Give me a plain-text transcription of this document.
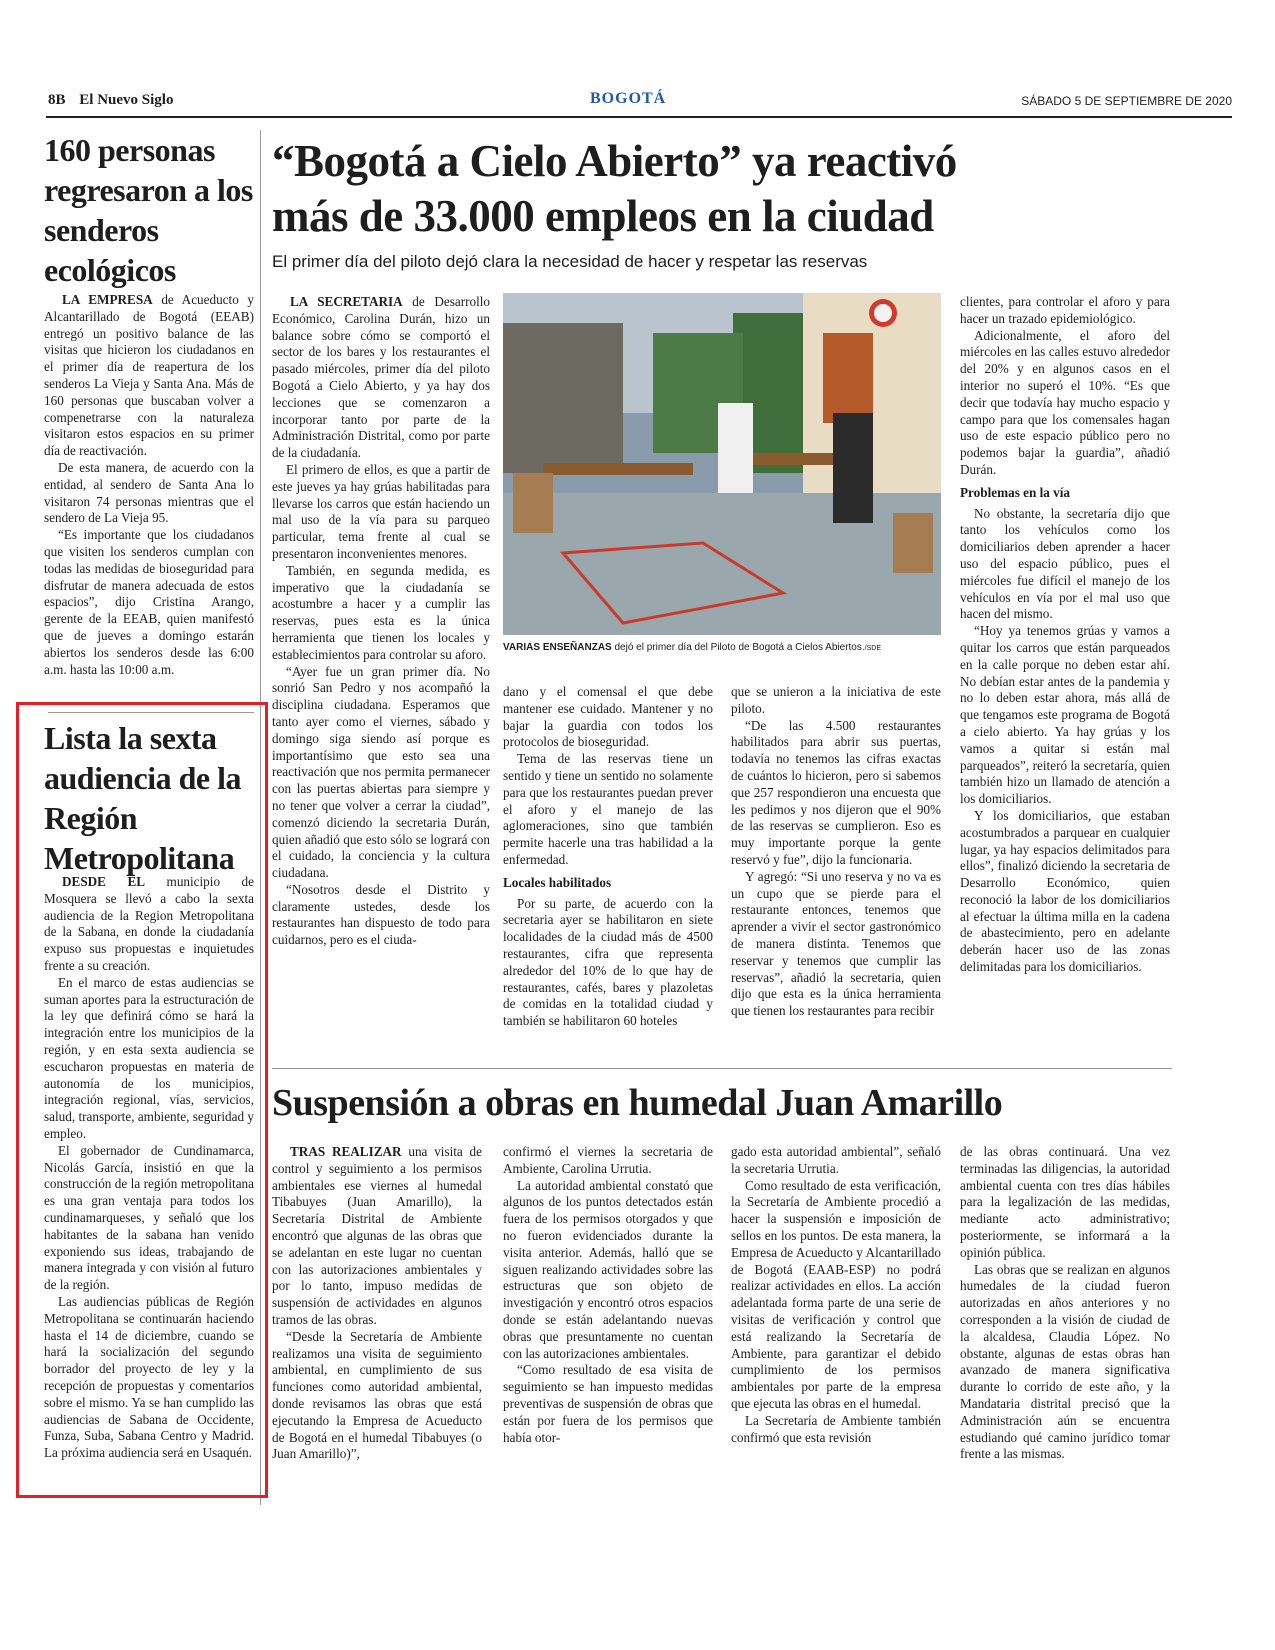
8B El Nuevo Siglo	BOGOTÁ	SÁBADO 5 DE SEPTIEMBRE DE 2020
160 personas regresaron a los senderos ecológicos

LA EMPRESA de Acueducto y Alcantarillado de Bogotá (EEAB) entregó un positivo balance de las visitas que hicieron los ciudadanos en el primer día de reapertura de los senderos La Vieja y Santa Ana. Más de 160 personas que buscaban volver a compenetrarse con la naturaleza visitaron estos espacios en su primer día de reactivación.

De esta manera, de acuerdo con la entidad, al sendero de Santa Ana lo visitaron 74 personas mientras que el sendero de La Vieja 95.

“Es importante que los ciudadanos que visiten los senderos cumplan con todas las medidas de bioseguridad para disfrutar de manera adecuada de estos espacios”, dijo Cristina Arango, gerente de la EEAB, quien manifestó que de jueves a domingo estarán abiertos los senderos desde las 6:00 a.m. hasta las 10:00 a.m.

Lista la sexta audiencia de la Región Metropolitana

DESDE EL municipio de Mosquera se llevó a cabo la sexta audiencia de la Region Metropolitana de la Sabana, en donde la ciudadanía expuso sus propuestas e inquietudes frente a su creación.

En el marco de estas audiencias se suman aportes para la estructuración de la ley que definirá cómo se hará la integración entre los municipios de la región, y en esta sexta audiencia se escucharon propuestas en materia de autonomía de los municipios, integración regional, vías, servicios, salud, transporte, ambiente, seguridad y empleo.

El gobernador de Cundinamarca, Nicolás García, insistió en que la construcción de la región metropolitana es una gran ventaja para todos los cundinamarqueses, y señaló que los habitantes de la sabana han venido exponiendo sus ideas, trabajando de manera integrada y con visión al futuro de la región.

Las audiencias públicas de Región Metropolitana se continuarán haciendo hasta el 14 de diciembre, cuando se hará la socialización del segundo borrador del proyecto de ley y la recepción de propuestas y comentarios sobre el mismo. Ya se han cumplido las audiencias de Sabana de Occidente, Funza, Suba, Sabana Centro y Madrid. La próxima audiencia será en Usaquén.

“Bogotá a Cielo Abierto” ya reactivó
más de 33.000 empleos en la ciudad
El primer día del piloto dejó clara la necesidad de hacer y respetar las reservas

LA SECRETARIA de Desarrollo Económico, Carolina Durán, hizo un balance sobre cómo se comportó el sector de los bares y los restaurantes el pasado miércoles, primer día del piloto Bogotá a Cielo Abierto, y ya hay dos lecciones que se comenzaron a incorporar tanto por parte de la Administración Distrital, como por parte de la ciudadanía.

El primero de ellos, es que a partir de este jueves ya hay grúas habilitadas para llevarse los carros que están haciendo un mal uso de la vía para su parqueo particular, tema frente al cual se presentaron inconvenientes menores.

También, en segunda medida, es imperativo que la ciudadanía se acostumbre a hacer y a cumplir las reservas, pues esta es la única herramienta que tienen los locales y establecimientos para controlar su aforo.

“Ayer fue un gran primer día. No sonrió San Pedro y nos acompañó la disciplina ciudadana. Esperamos que tanto ayer como el viernes, sábado y domingo siga siendo así porque es importantísimo que esto sea una reactivación que nos permita permanecer con las puertas abiertas para siempre y no tener que volver a cerrar la ciudad”, comenzó diciendo la secretaria Durán, quien añadió que esto sólo se logrará con el cuidado, la conciencia y la cultura ciudadana.

“Nosotros desde el Distrito y claramente ustedes, desde los restaurantes han dispuesto de todo para cuidarnos, pero es el ciuda-

VARIAS ENSEÑANZAS dejó el primer día del Piloto de Bogotá a Cielos Abiertos./SDE

dano y el comensal el que debe mantener ese cuidado. Mantener y no bajar la guardia con todos los protocolos de bioseguridad.

Tema de las reservas tiene un sentido y tiene un sentido no solamente para que los restaurantes puedan prever el aforo y el manejo de las aglomeraciones, sino que también permite hacerle una tras habilidad a la enfermedad.

Locales habilitados

Por su parte, de acuerdo con la secretaria ayer se habilitaron en siete localidades de la ciudad más de 4500 restaurantes, cifra que representa alrededor del 10% de lo que hay de restaurantes, cafés, bares y plazoletas de comidas en la totalidad ciudad y también se habilitaron 60 hoteles

que se unieron a la iniciativa de este piloto.

“De las 4.500 restaurantes habilitados para abrir sus puertas, todavía no tenemos las cifras exactas de cuántos lo hicieron, pero si sabemos que 257 respondieron una encuesta que les pedimos y nos dijeron que el 90% de las reservas se cumplieron. Eso es muy importante porque la gente reservó y fue”, dijo la funcionaria.

Y agregó: “Si uno reserva y no va es un cupo que se pierde para el restaurante entonces, tenemos que aprender a vivir el sector gastronómico de manera distinta. Tenemos que reservar y tenemos que cumplir las reservas”, añadió la secretaria, quien dijo que esta es la única herramienta que tienen los restaurantes para recibir

clientes, para controlar el aforo y para hacer un trazado epidemiológico.

Adicionalmente, el aforo del miércoles en las calles estuvo alrededor del 20% y en algunos casos en el interior no superó el 10%. “Es que decir que todavía hay mucho espacio y campo para que los comensales hagan uso de este espacio público pero no podemos bajar la guardia”, añadió Durán.

Problemas en la vía

No obstante, la secretaría dijo que tanto los vehículos como los domiciliarios deben aprender a hacer uso del espacio público, pues el miércoles fue difícil el manejo de los vehículos en vía por el mal uso que hacen del mismo.

“Hoy ya tenemos grúas y vamos a quitar los carros que están parqueados en la calle porque no deben estar ahí. No debían estar antes de la pandemia y no lo deben estar ahora, más allá de que tengamos este programa de Bogotá a cielo abierto. Ya hay grúas y los vamos a quitar si están mal parqueados”, reiteró la secretaría, quien también hizo un llamado de atención a los domiciliarios.

Y los domiciliarios, que estaban acostumbrados a parquear en cualquier lugar, ya hay espacios delimitados para ellos”, finalizó diciendo la secretaria de Desarrollo Económico, quien reconoció la labor de los domiciliarios al efectuar la última milla en la cadena de abastecimiento, pero en adelante deberán hacer uso de las zonas delimitadas para los domiciliarios.

Suspensión a obras en humedal Juan Amarillo

TRAS REALIZAR una visita de control y seguimiento a los permisos ambientales ese viernes al humedal Tibabuyes (Juan Amarillo), la Secretaría Distrital de Ambiente encontró que algunas de las obras que se adelantan en este lugar no cuentan con las autorizaciones ambientales y por lo tanto, impuso medidas de suspensión de actividades en algunos tramos de las obras.

“Desde la Secretaría de Ambiente realizamos una visita de seguimiento ambiental, en cumplimiento de sus funciones como autoridad ambiental, donde revisamos las obras que está ejecutando la Empresa de Acueducto de Bogotá en el humedal Tibabuyes (o Juan Amarillo)”,

confirmó el viernes la secretaria de Ambiente, Carolina Urrutia.

La autoridad ambiental constató que algunos de los puntos detectados están fuera de los permisos otorgados y que no fueron evidenciados durante la visita anterior. Además, halló que se siguen realizando actividades sobre las estructuras que son objeto de investigación y encontró otros espacios donde se están adelantando nuevas obras que presuntamente no cuentan con las autorizaciones ambientales.

“Como resultado de esa visita de seguimiento se han impuesto medidas preventivas de suspensión de obras que están por fuera de los permisos que había otor-

gado esta autoridad ambiental”, señaló la secretaria Urrutia.

Como resultado de esta verificación, la Secretaría de Ambiente procedió a hacer la suspensión e imposición de sellos en los puntos. De esta manera, la Empresa de Acueducto y Alcantarillado de Bogotá (EAAB-ESP) no podrá realizar actividades en ellos. La acción adelantada forma parte de una serie de visitas de verificación y control que está realizando la Secretaría de Ambiente, para garantizar el debido cumplimiento de los permisos ambientales por parte de la empresa que ejecuta las obras en el humedal.

La Secretaría de Ambiente también confirmó que esta revisión

de las obras continuará. Una vez terminadas las diligencias, la autoridad ambiental cuenta con tres días hábiles para la legalización de las medidas, mediante acto administrativo; posteriormente, se informará a la opinión pública.

Las obras que se realizan en algunos humedales de la ciudad fueron autorizadas en años anteriores y no corresponden a la visión de ciudad de la alcaldesa, Claudia López. No obstante, algunas de estas obras han avanzado de manera significativa durante lo corrido de este año, y la Mandataria distrital precisó que la Administración aún se encuentra estudiando qué camino jurídico tomar frente a las mismas.
